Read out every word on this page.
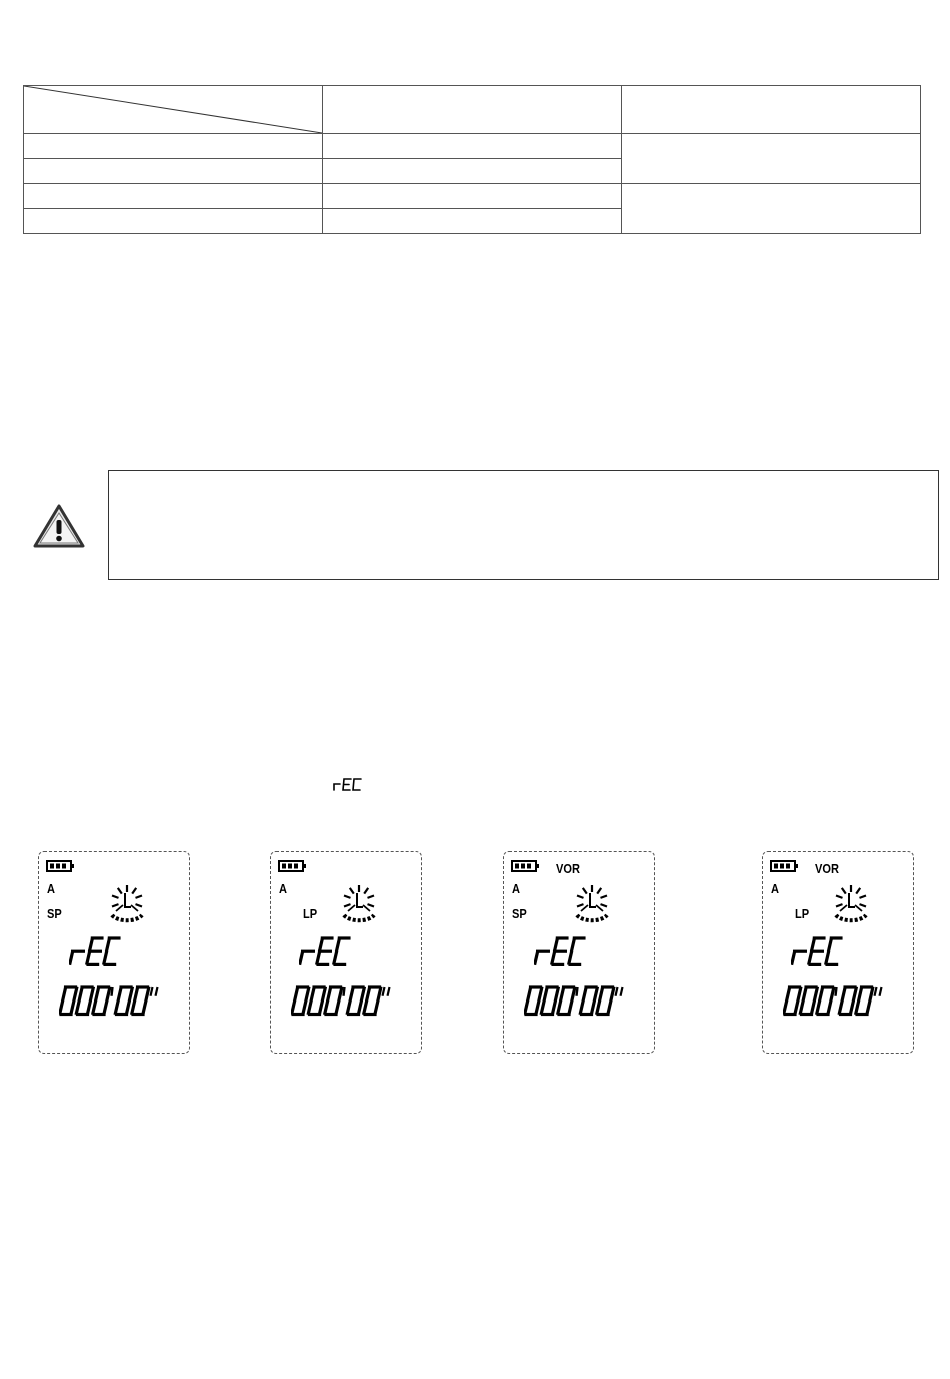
A
SP
A
LP
VOR
A
SP
VOR
A
LP
